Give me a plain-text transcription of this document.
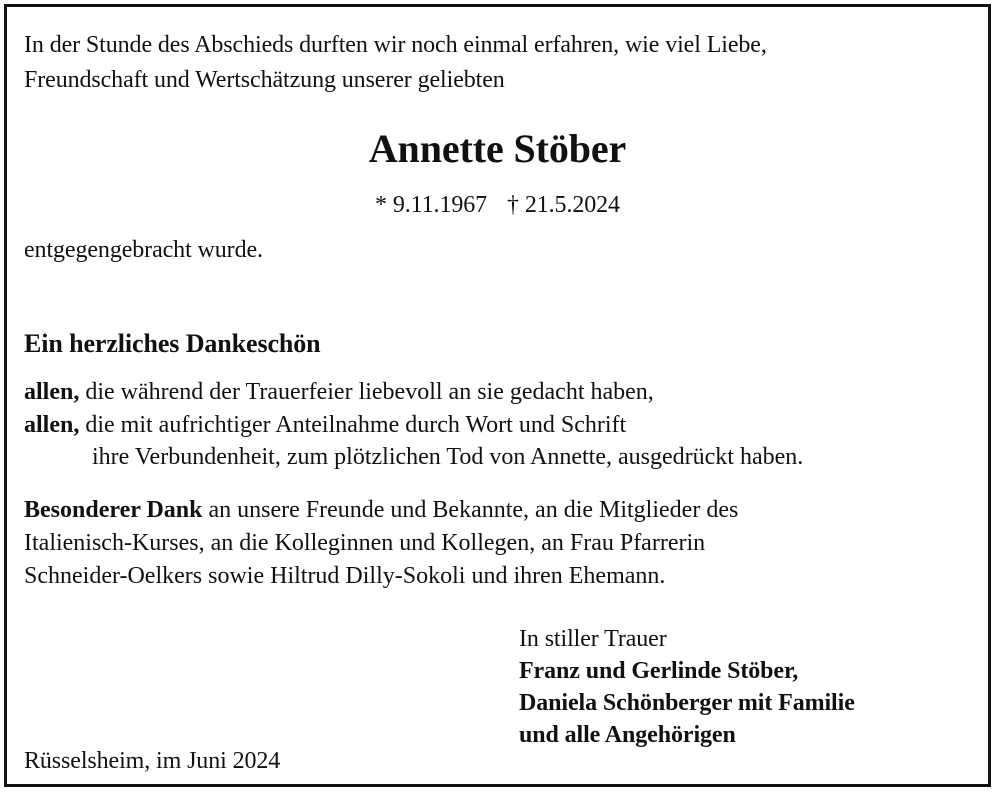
In der Stunde des Abschieds durften wir noch einmal erfahren, wie viel Liebe,
Freundschaft und Wertschätzung unserer geliebten
Annette Stöber
* 9.11.1967 † 21.5.2024
entgegengebracht wurde.
Ein herzliches Dankeschön
allen, die während der Trauerfeier liebevoll an sie gedacht haben,
allen, die mit aufrichtiger Anteilnahme durch Wort und Schrift
ihre Verbundenheit, zum plötzlichen Tod von Annette, ausgedrückt haben.
Besonderer Dank an unsere Freunde und Bekannte, an die Mitglieder des
Italienisch-Kurses, an die Kolleginnen und Kollegen, an Frau Pfarrerin
Schneider-Oelkers sowie Hiltrud Dilly-Sokoli und ihren Ehemann.
In stiller Trauer
Franz und Gerlinde Stöber,
Daniela Schönberger mit Familie
und alle Angehörigen
Rüsselsheim, im Juni 2024
